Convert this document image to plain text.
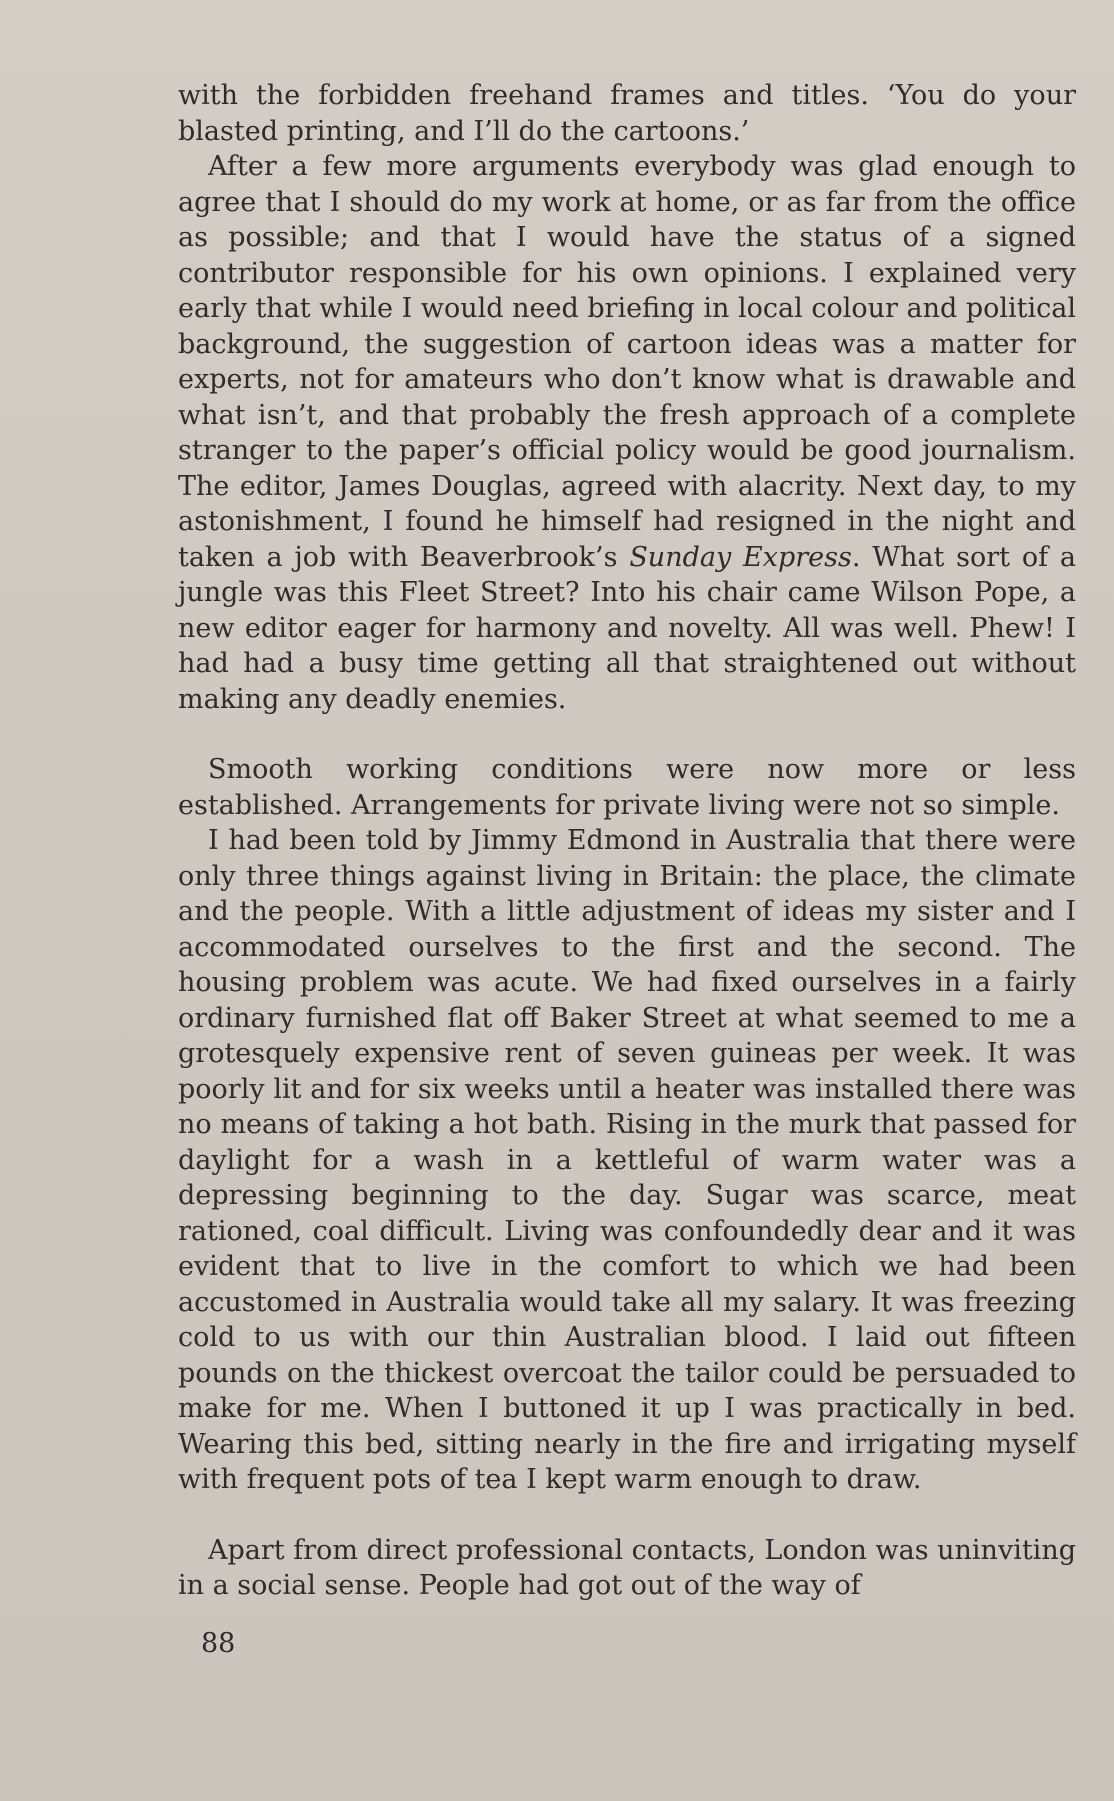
with the forbidden freehand frames and titles. ‘You do your blasted printing, and I’ll do the cartoons.’

After a few more arguments everybody was glad enough to agree that I should do my work at home, or as far from the office as possible; and that I would have the status of a signed contributor responsible for his own opinions. I explained very early that while I would need briefing in local colour and political background, the suggestion of cartoon ideas was a matter for experts, not for amateurs who don’t know what is drawable and what isn’t, and that probably the fresh approach of a complete stranger to the paper’s official policy would be good journalism. The editor, James Douglas, agreed with alacrity. Next day, to my astonishment, I found he himself had resigned in the night and taken a job with Beaverbrook’s Sunday Express. What sort of a jungle was this Fleet Street? Into his chair came Wilson Pope, a new editor eager for harmony and novelty. All was well. Phew! I had had a busy time getting all that straightened out without making any deadly enemies.

Smooth working conditions were now more or less established. Arrangements for private living were not so simple.

I had been told by Jimmy Edmond in Australia that there were only three things against living in Britain: the place, the climate and the people. With a little adjustment of ideas my sister and I accommodated ourselves to the first and the second. The housing problem was acute. We had fixed ourselves in a fairly ordinary furnished flat off Baker Street at what seemed to me a grotesquely expensive rent of seven guineas per week. It was poorly lit and for six weeks until a heater was installed there was no means of taking a hot bath. Rising in the murk that passed for daylight for a wash in a kettleful of warm water was a depressing beginning to the day. Sugar was scarce, meat rationed, coal difficult. Living was confoundedly dear and it was evident that to live in the comfort to which we had been accustomed in Australia would take all my salary. It was freezing cold to us with our thin Australian blood. I laid out fifteen pounds on the thickest overcoat the tailor could be persuaded to make for me. When I buttoned it up I was practically in bed. Wearing this bed, sitting nearly in the fire and irrigating myself with frequent pots of tea I kept warm enough to draw.

Apart from direct professional contacts, London was uninviting in a social sense. People had got out of the way of

88
